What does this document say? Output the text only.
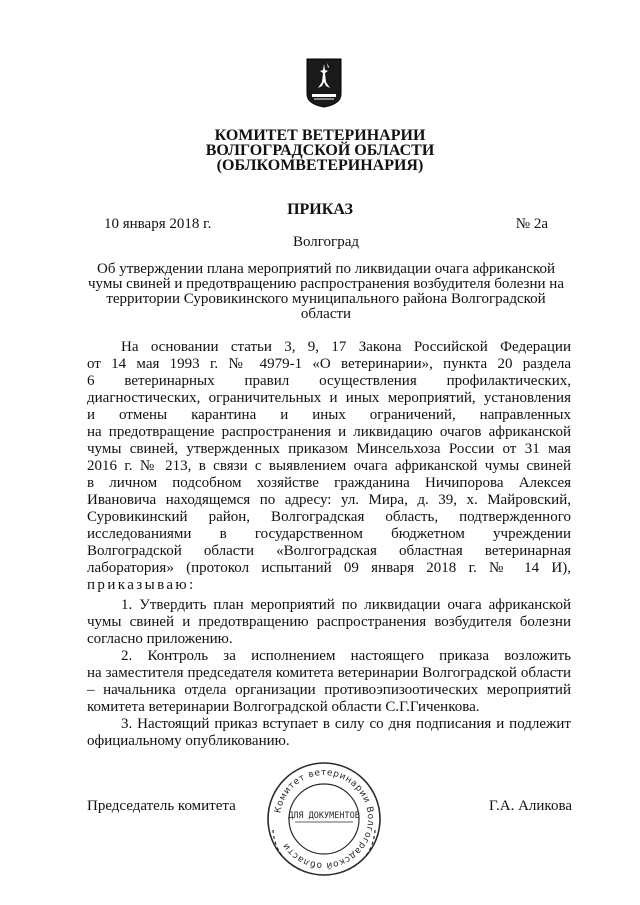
КОМИТЕТ ВЕТЕРИНАРИИ
ВОЛГОГРАДСКОЙ ОБЛАСТИ
(ОБЛКОМВЕТЕРИНАРИЯ)
ПРИКАЗ
10 января 2018 г.	№ 2а
Волгоград
Об утверждении плана мероприятий по ликвидации очага африканской чумы свиней и предотвращению распространения возбудителя болезни на территории Суровикинского муниципального района Волгоградской области
На основании статьи 3, 9, 17 Закона Российской Федерации
от 14 мая 1993 г. № 4979-1 «О ветеринарии», пункта 20 раздела
6 ветеринарных правил осуществления профилактических,
диагностических, ограничительных и иных мероприятий, установления
и отмены карантина и иных ограничений, направленных
на предотвращение распространения и ликвидацию очагов африканской
чумы свиней, утвержденных приказом Минсельхоза России от 31 мая
2016 г. № 213, в связи с выявлением очага африканской чумы свиней
в личном подсобном хозяйстве гражданина Ничипорова Алексея
Ивановича находящемся по адресу: ул. Мира, д. 39, х. Майровский,
Суровикинский район, Волгоградская область, подтвержденного
исследованиями в государственном бюджетном учреждении
Волгоградской области «Волгоградская областная ветеринарная
лаборатория» (протокол испытаний 09 января 2018 г. № 14 И),
приказываю:
1. Утвердить план мероприятий по ликвидации очага африканской
чумы свиней и предотвращению распространения возбудителя болезни
согласно приложению.
2. Контроль за исполнением настоящего приказа возложить
на заместителя председателя комитета ветеринарии Волгоградской области
– начальника отдела организации противоэпизоотических мероприятий
комитета ветеринарии Волгоградской области С.Г.Гиченкова.
3. Настоящий приказ вступает в силу со дня подписания и подлежит
официальному опубликованию.
Председатель комитета	Г.А. Аликова
Комитет ветеринарии Волгоградской области
ДЛЯ ДОКУМЕНТОВ
